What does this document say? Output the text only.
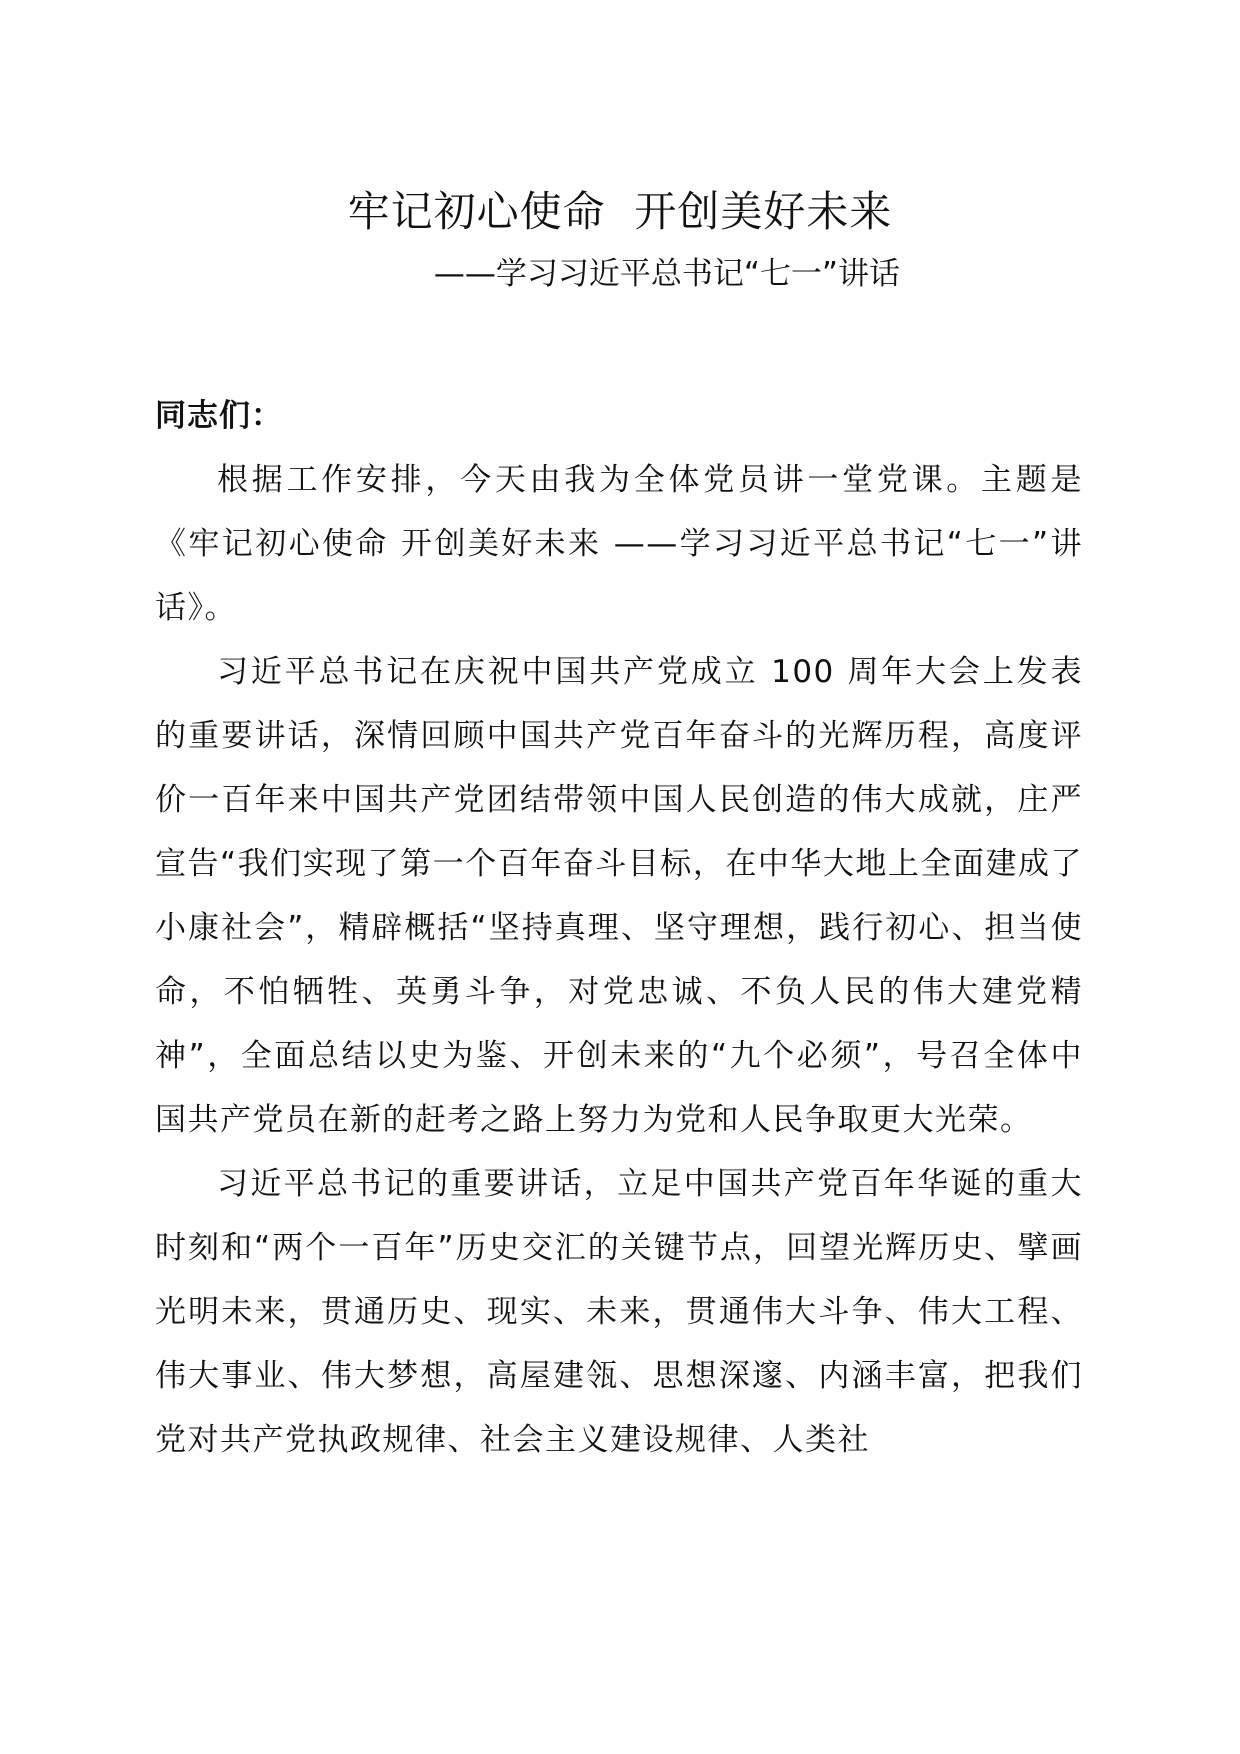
牢记初心使命  开创美好未来
——学习习近平总书记“七一”讲话

同志们：

根据工作安排，今天由我为全体党员讲一堂党课。主题是《牢记初心使命 开创美好未来 ——学习习近平总书记“七一”讲话》。

习近平总书记在庆祝中国共产党成立 100 周年大会上发表的重要讲话，深情回顾中国共产党百年奋斗的光辉历程，高度评价一百年来中国共产党团结带领中国人民创造的伟大成就，庄严宣告“我们实现了第一个百年奋斗目标，在中华大地上全面建成了小康社会”，精辟概括“坚持真理、坚守理想，践行初心、担当使命，不怕牺牲、英勇斗争，对党忠诚、不负人民的伟大建党精神”，全面总结以史为鉴、开创未来的“九个必须”，号召全体中国共产党员在新的赶考之路上努力为党和人民争取更大光荣。

习近平总书记的重要讲话，立足中国共产党百年华诞的重大时刻和“两个一百年”历史交汇的关键节点，回望光辉历史、擘画光明未来，贯通历史、现实、未来，贯通伟大斗争、伟大工程、伟大事业、伟大梦想，高屋建瓴、思想深邃、内涵丰富，把我们党对共产党执政规律、社会主义建设规律、人类社
